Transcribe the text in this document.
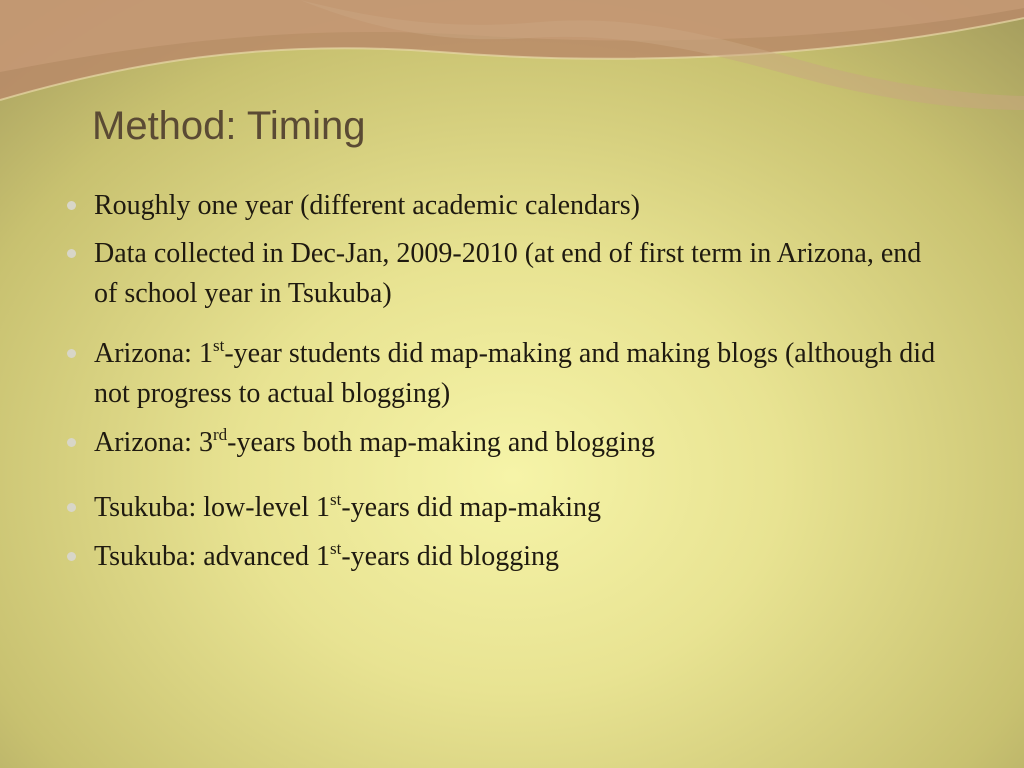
Method: Timing
Roughly one year (different academic calendars)
Data collected in Dec-Jan, 2009-2010 (at end of first term in Arizona, end of school year in Tsukuba)
Arizona: 1st-year students did map-making and making blogs (although did not progress to actual blogging)
Arizona: 3rd-years both map-making and blogging
Tsukuba: low-level 1st-years did map-making
Tsukuba: advanced 1st-years did blogging
